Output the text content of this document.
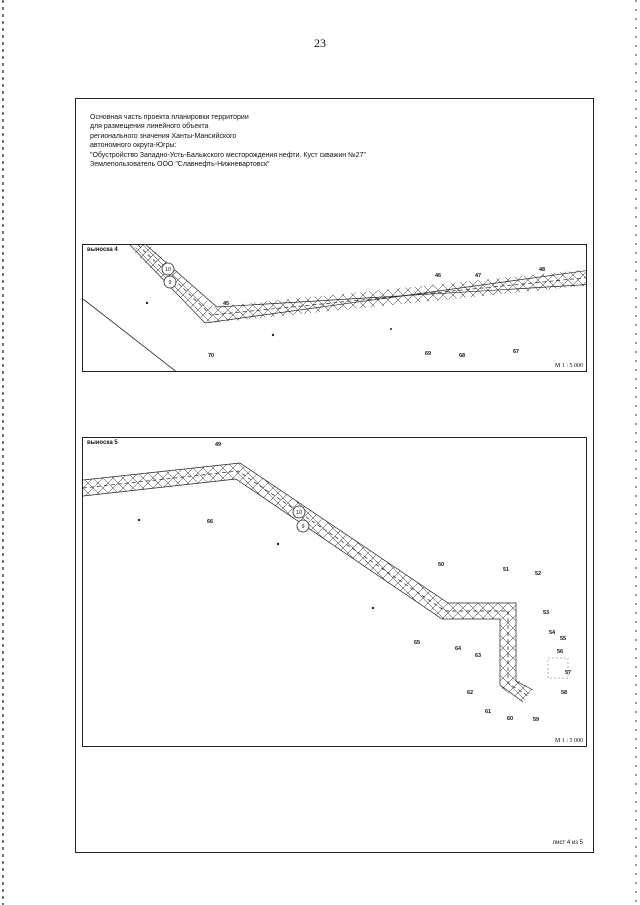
23
Основная часть проекта планировки территории
для размещения линейного объекта
регионального значения Ханты-Мансийского
автономного округа-Югры:
"Обустройство Западно-Усть-Балыкского месторождения нефти. Куст скважин №27"
Землепользователь ООО "Славнефть-Нижневартовск"
10
9
45
46	47
48
67
68
69
70
выноска 4
М 1 : 5 000
10
9
49
50
51
52
53
54
55
56
57
58
59
60
61
62
63
64
65
66
выноска 5
М 1 : 5 000
лист 4 из 5
